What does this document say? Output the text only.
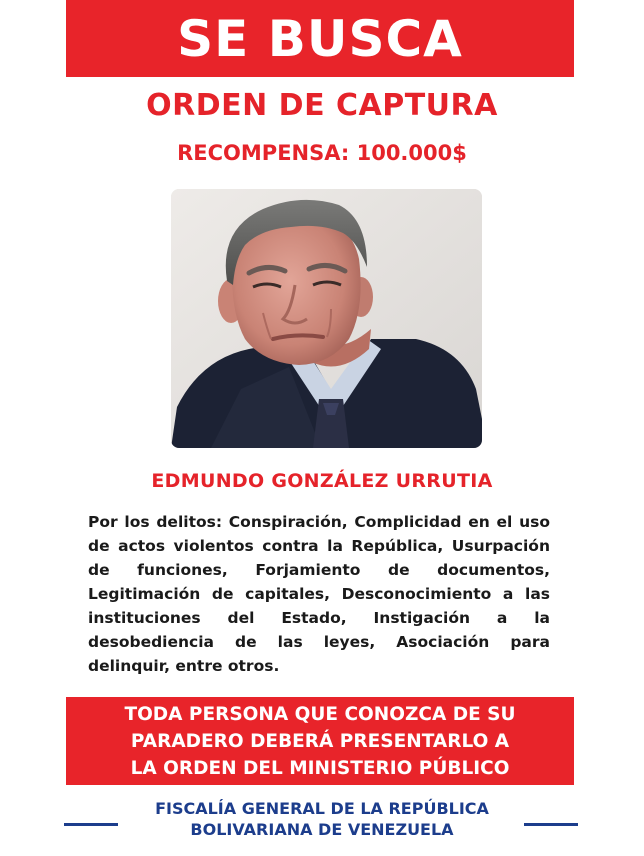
SE BUSCA
ORDEN DE CAPTURA
RECOMPENSA: 100.000$
EDMUNDO GONZÁLEZ URRUTIA
Por los delitos: Conspiración, Complicidad en el uso de actos violentos contra la República, Usurpación de funciones, Forjamiento de documentos, Legitimación de capitales, Desconocimiento a las instituciones del Estado, Instigación a la desobediencia de las leyes, Asociación para delinquir, entre otros.
TODA PERSONA QUE CONOZCA DE SU
PARADERO DEBERÁ PRESENTARLO A
LA ORDEN DEL MINISTERIO PÚBLICO
FISCALÍA GENERAL DE LA REPÚBLICA
BOLIVARIANA DE VENEZUELA
